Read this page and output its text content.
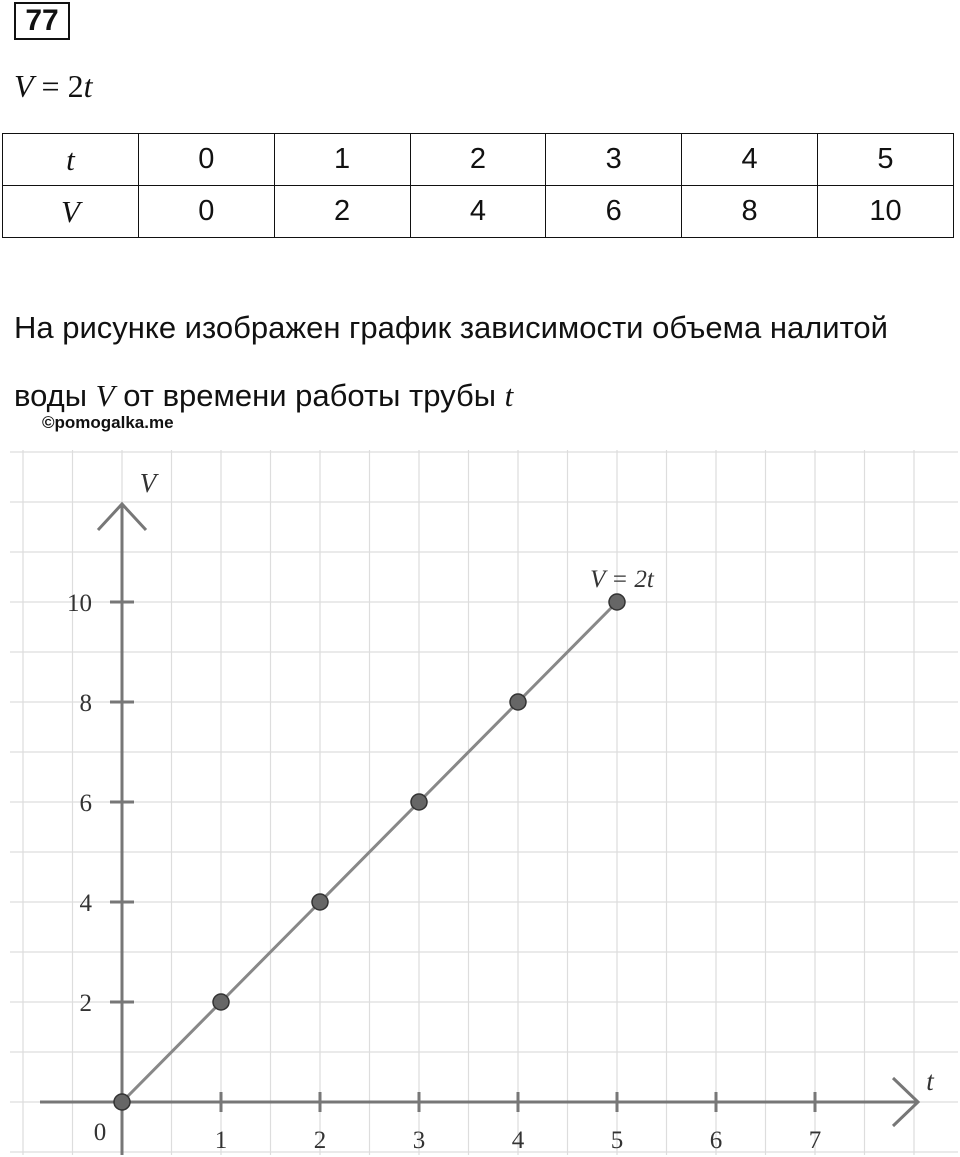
77
V = 2t
t	0	1	2	3	4	5
V	0	2	4	6	8	10
На рисунке изображен график зависимости объема налитой
воды V от времени работы трубы t
©pomogalka.me
1	2	3	4	5	6	7
2
4
6
8
10
0
t
V
V = 2t
